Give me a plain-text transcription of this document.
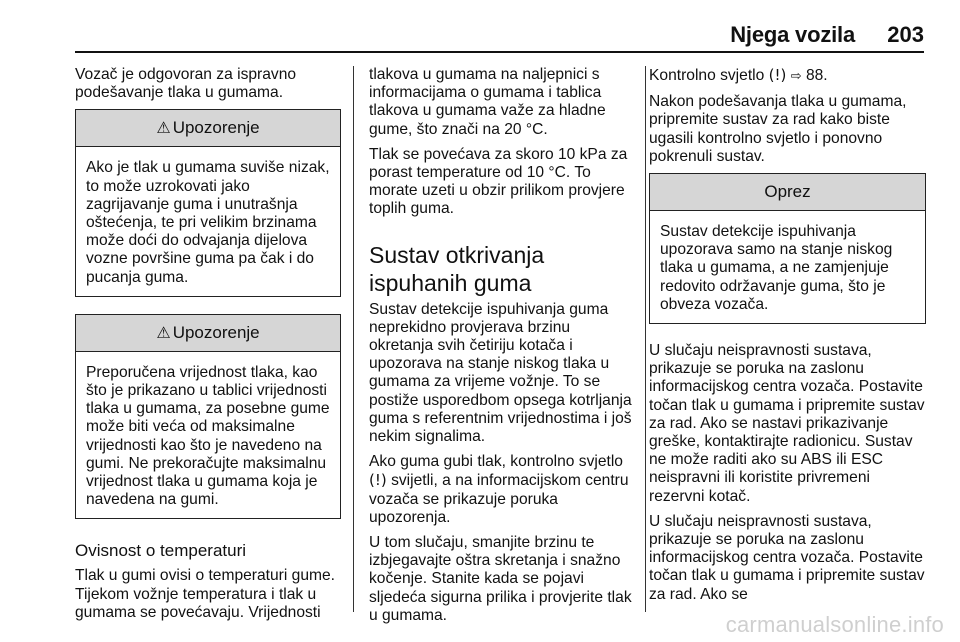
Njega vozila 203

Vozač je odgovoran za ispravno podešavanje tlaka u gumama.

⚠ Upozorenje
Ako je tlak u gumama suviše nizak, to može uzrokovati jako zagrijavanje guma i unutrašnja oštećenja, te pri velikim brzinama može doći do odvajanja dijelova vozne površine guma pa čak i do pucanja guma.
⚠ Upozorenje
Preporučena vrijednost tlaka, kao što je prikazano u tablici vrijednosti tlaka u gumama, za posebne gume može biti veća od maksimalne vrijednosti kao što je navedeno na gumi. Ne prekoračujte maksimalnu vrijednost tlaka u gumama koja je navedena na gumi.
Ovisnost o temperaturi

Tlak u gumi ovisi o temperaturi gume. Tijekom vožnje temperatura i tlak u gumama se povećavaju. Vrijednosti

tlakova u gumama na naljepnici s informacijama o gumama i tablica tlakova u gumama važe za hladne gume, što znači na 20 °C.

Tlak se povećava za skoro 10 kPa za porast temperature od 10 °C. To morate uzeti u obzir prilikom provjere toplih guma.

Sustav otkrivanja ispuhanih guma

Sustav detekcije ispuhivanja guma neprekidno provjerava brzinu okretanja svih četiriju kotača i upozorava na stanje niskog tlaka u gumama za vrijeme vožnje. To se postiže usporedbom opsega kotrljanja guma s referentnim vrijednostima i još nekim signalima.

Ako guma gubi tlak, kontrolno svjetlo (!) svijetli, a na informacijskom centru vozača se prikazuje poruka upozorenja.

U tom slučaju, smanjite brzinu te izbjegavajte oštra skretanja i snažno kočenje. Stanite kada se pojavi sljedeća sigurna prilika i provjerite tlak u gumama.

Kontrolno svjetlo (!) ⇨ 88.

Nakon podešavanja tlaka u gumama, pripremite sustav za rad kako biste ugasili kontrolno svjetlo i ponovno pokrenuli sustav.

Oprez
Sustav detekcije ispuhivanja upozorava samo na stanje niskog tlaka u gumama, a ne zamjenjuje redovito održavanje guma, što je obveza vozača.

U slučaju neispravnosti sustava, prikazuje se poruka na zaslonu informacijskog centra vozača. Postavite točan tlak u gumama i pripremite sustav za rad. Ako se nastavi prikazivanje greške, kontaktirajte radionicu. Sustav ne može raditi ako su ABS ili ESC neispravni ili koristite privremeni rezervni kotač.

U slučaju neispravnosti sustava, prikazuje se poruka na zaslonu informacijskog centra vozača. Postavite točan tlak u gumama i pripremite sustav za rad. Ako se

carmanualsonline.info
